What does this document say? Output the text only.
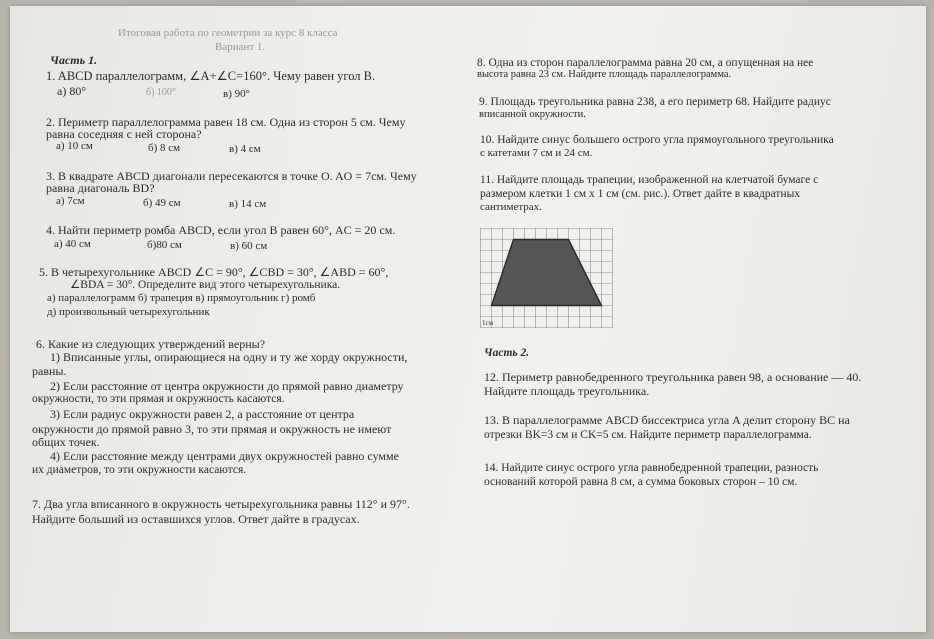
Итоговая работа по геометрии за курс 8 класса
Вариант 1.
Часть 1.
1. ABCD параллелограмм, ∠A+∠C=160°. Чему равен угол B.
а) 80°	б) 100°	в) 90°
2. Периметр параллелограмма равен 18 см. Одна из сторон 5 см. Чему
равна соседняя с ней сторона?
а) 10 см	б) 8 см	в) 4 см
3. В квадрате ABCD диагонали пересекаются в точке O. AO = 7см. Чему
равна диагональ BD?
а) 7см	б) 49 см	в) 14 см
4. Найти периметр ромба ABCD, если угол B равен 60°, AC = 20 см.
а) 40 см	б)80 см	в) 60 см
5. В четырехугольнике ABCD ∠C = 90°, ∠CBD = 30°, ∠ABD = 60°,
∠BDA = 30°. Определите вид этого четырехугольника.
а) параллелограмм б) трапеция в) прямоугольник г) ромб
д) произвольный четырехугольник
6. Какие из следующих утверждений верны?
1) Вписанные углы, опирающиеся на одну и ту же хорду окружности,
равны.
2) Если расстояние от центра окружности до прямой равно диаметру
окружности, то эти прямая и окружность касаются.
3) Если радиус окружности равен 2, а расстояние от центра
окружности до прямой равно 3, то эти прямая и окружность не имеют
общих точек.
4) Если расстояние между центрами двух окружностей равно сумме
их диаметров, то эти окружности касаются.
7. Два угла вписанного в окружность четырехугольника равны 112° и 97°.
Найдите больший из оставшихся углов. Ответ дайте в градусах.
8. Одна из сторон параллелограмма равна 20 см, а опущенная на нее
высота равна 23 см. Найдите площадь параллелограмма.
9. Площадь треугольника равна 238, а его периметр 68. Найдите радиус
вписанной окружности.
10. Найдите синус большего острого угла прямоугольного треугольника
с катетами 7 см и 24 см.
11. Найдите площадь трапеции, изображенной на клетчатой бумаге с
размером клетки 1 см х 1 см (см. рис.). Ответ дайте в квадратных
сантиметрах.
1см
Часть 2.
12. Периметр равнобедренного треугольника равен 98, а основание — 40.
Найдите площадь треугольника.
13. В параллелограмме ABCD биссектриса угла A делит сторону BC на
отрезки BK=3 см и CK=5 см. Найдите периметр параллелограмма.
14. Найдите синус острого угла равнобедренной трапеции, разность
оснований которой равна 8 см, а сумма боковых сторон – 10 см.
